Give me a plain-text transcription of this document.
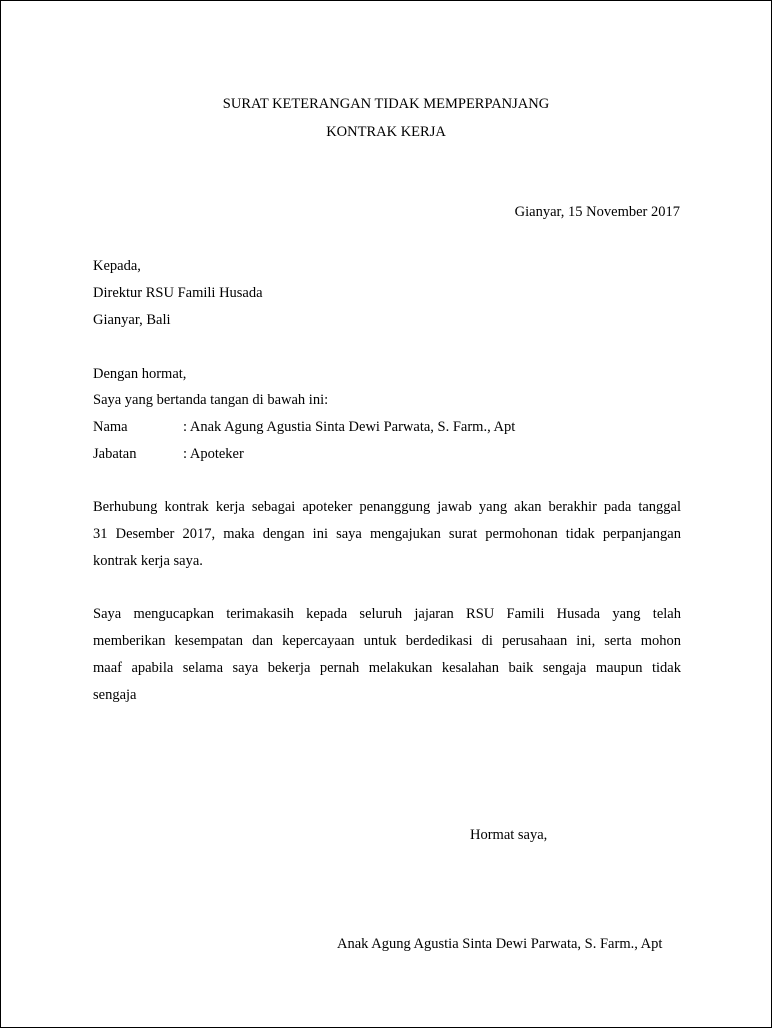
SURAT KETERANGAN TIDAK MEMPERPANJANG
KONTRAK KERJA
Gianyar, 15 November 2017
Kepada,
Direktur RSU Famili Husada
Gianyar, Bali
Dengan hormat,
Saya yang bertanda tangan di bawah ini:
Nama	: Anak Agung Agustia Sinta Dewi Parwata, S. Farm., Apt
Jabatan	: Apoteker
Berhubung kontrak kerja sebagai apoteker penanggung jawab yang akan berakhir pada tanggal
31 Desember 2017, maka dengan ini saya mengajukan surat permohonan tidak perpanjangan
kontrak kerja saya.
Saya mengucapkan terimakasih kepada seluruh jajaran RSU Famili Husada yang telah
memberikan kesempatan dan kepercayaan untuk berdedikasi di perusahaan ini, serta mohon
maaf apabila selama saya bekerja pernah melakukan kesalahan baik sengaja maupun tidak
sengaja
Hormat saya,
Anak Agung Agustia Sinta Dewi Parwata, S. Farm., Apt
